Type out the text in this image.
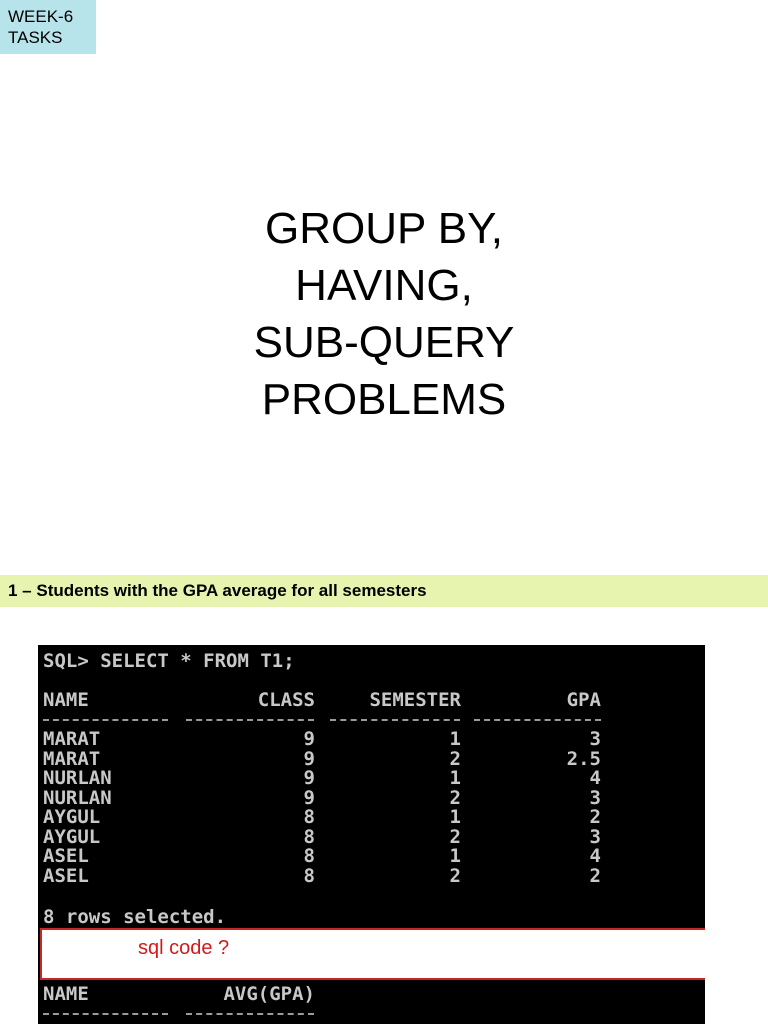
WEEK-6
TASKS
GROUP BY,
HAVING,
SUB-QUERY
PROBLEMS
1 – Students with the GPA average for all semesters
SQL> SELECT * FROM T1;
NAME	CLASS	SEMESTER	GPA
MARAT	9	1	3
MARAT	9	2	2.5
NURLAN	9	1	4
NURLAN	9	2	3
AYGUL	8	1	2
AYGUL	8	2	3
ASEL	8	1	4
ASEL	8	2	2
8 rows selected.
sql code ?
NAME	AVG(GPA)
